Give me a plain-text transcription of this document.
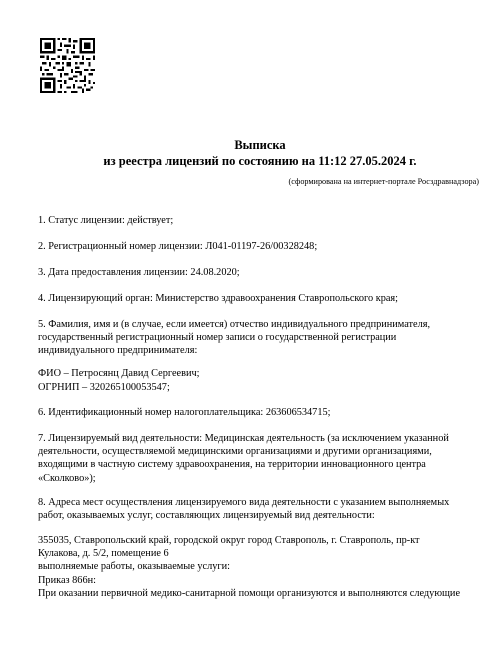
Выписка
из реестра лицензий по состоянию на 11:12 27.05.2024 г.
(сформирована на интернет-портале Росздравнадзора)
1. Статус лицензии: действует;
2. Регистрационный номер лицензии: Л041-01197-26/00328248;
3. Дата предоставления лицензии: 24.08.2020;
4. Лицензирующий орган: Министерство здравоохранения Ставропольского края;
5. Фамилия, имя и (в случае, если имеется) отчество индивидуального предпринимателя,
государственный регистрационный номер записи о государственной регистрации
индивидуального предпринимателя:
ФИО – Петросянц Давид Сергеевич;
ОГРНИП – 320265100053547;
6. Идентификационный номер налогоплательщика: 263606534715;
7. Лицензируемый вид деятельности: Медицинская деятельность (за исключением указанной
деятельности, осуществляемой медицинскими организациями и другими организациями,
входящими в частную систему здравоохранения, на территории инновационного центра
«Сколково»);
8. Адреса мест осуществления лицензируемого вида деятельности с указанием выполняемых
работ, оказываемых услуг, составляющих лицензируемый вид деятельности:
355035, Ставропольский край, городской округ город Ставрополь, г. Ставрополь, пр-кт
Кулакова, д. 5/2, помещение 6
выполняемые работы, оказываемые услуги:
Приказ 866н:
При оказании первичной медико-санитарной помощи организуются и выполняются следующие
